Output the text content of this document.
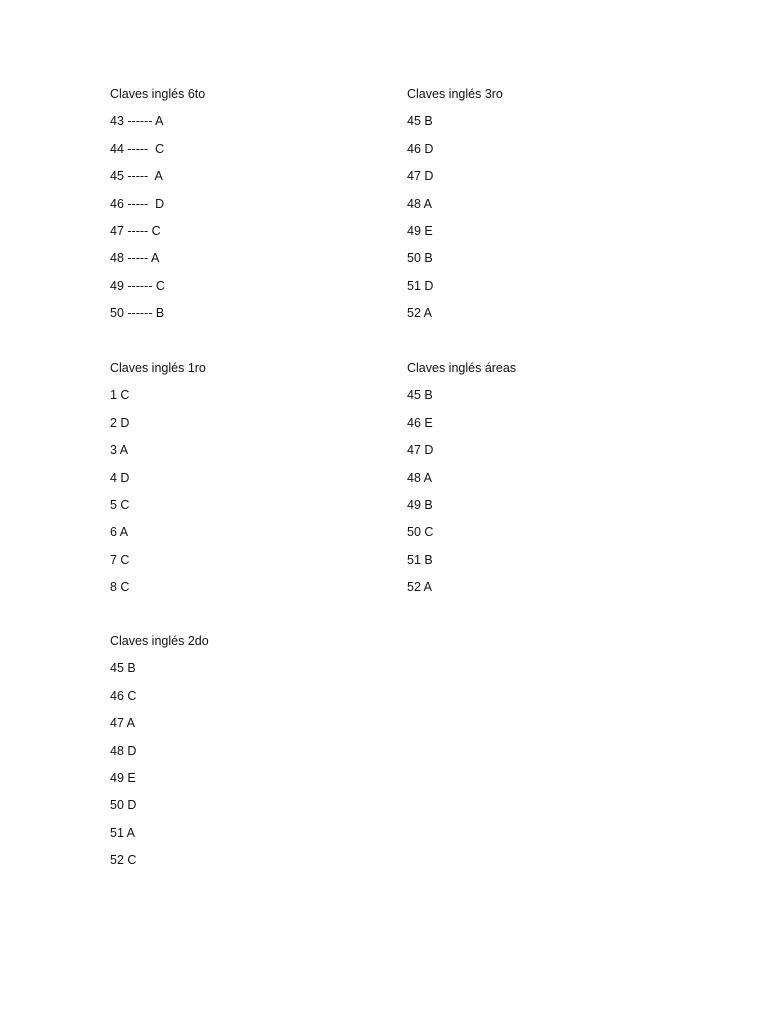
Claves inglés 6to
43 ------ A
44 -----  C
45 -----  A
46 -----  D
47 ----- C
48 ----- A
49 ------ C
50 ------ B
Claves inglés 3ro
45 B
46 D
47 D
48 A
49 E
50 B
51 D
52 A
Claves inglés 1ro
1 C
2 D
3 A
4 D
5 C
6 A
7 C
8 C
Claves inglés áreas
45 B
46 E
47 D
48 A
49 B
50 C
51 B
52 A
Claves inglés 2do
45 B
46 C
47 A
48 D
49 E
50 D
51 A
52 C
